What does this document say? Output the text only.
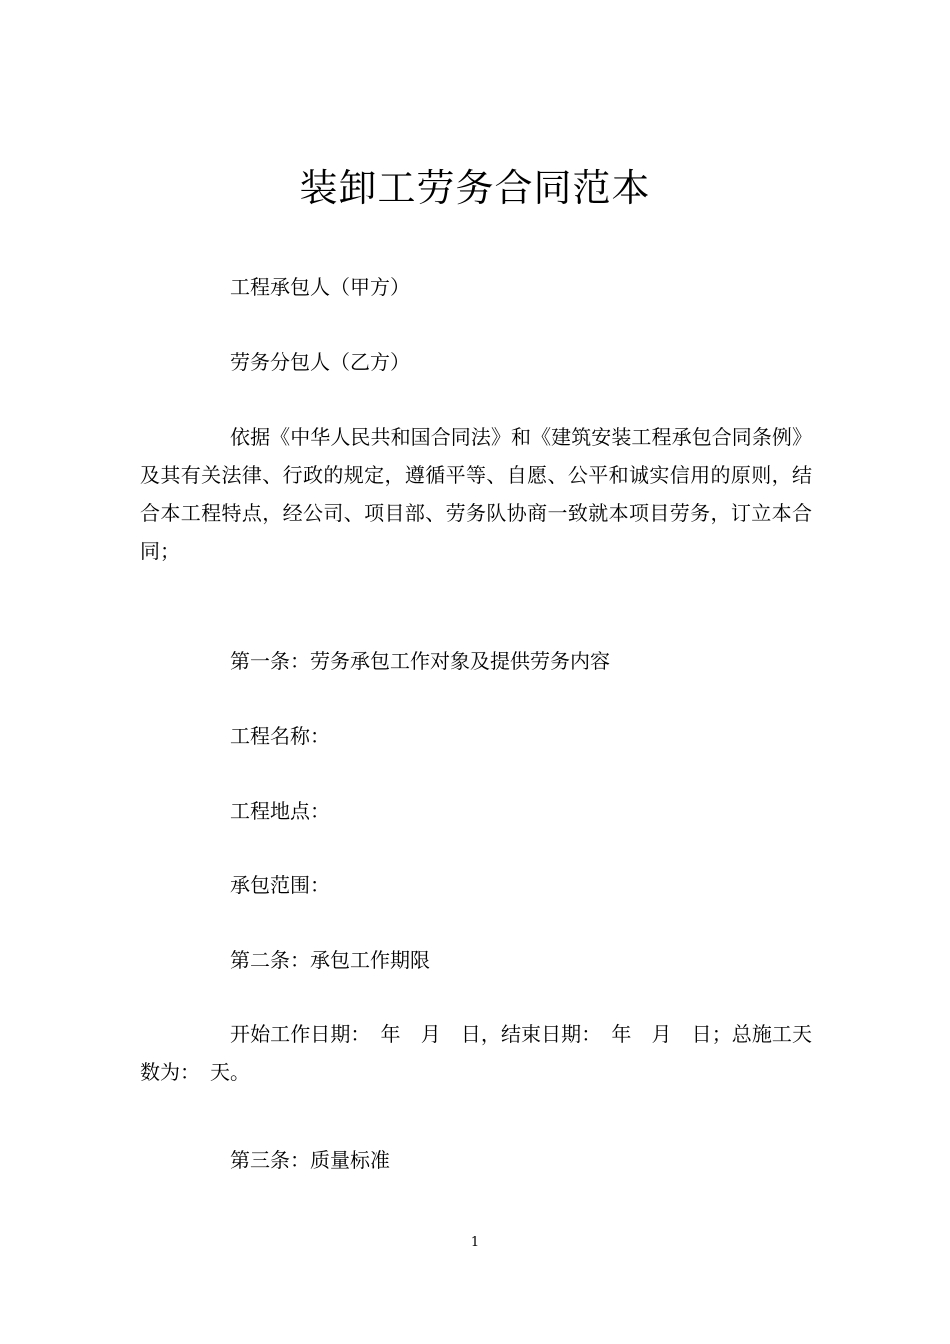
装卸工劳务合同范本

工程承包人（甲方）

劳务分包人（乙方）

依据《中华人民共和国合同法》和《建筑安装工程承包合同条例》及其有关法律、行政的规定，遵循平等、自愿、公平和诚实信用的原则，结合本工程特点，经公司、项目部、劳务队协商一致就本项目劳务，订立本合同；

第一条：劳务承包工作对象及提供劳务内容

工程名称：

工程地点：

承包范围：

第二条：承包工作期限

开始工作日期：　年　月　日，结束日期：　年　月　日；总施工天数为：　天。

第三条：质量标准

1
